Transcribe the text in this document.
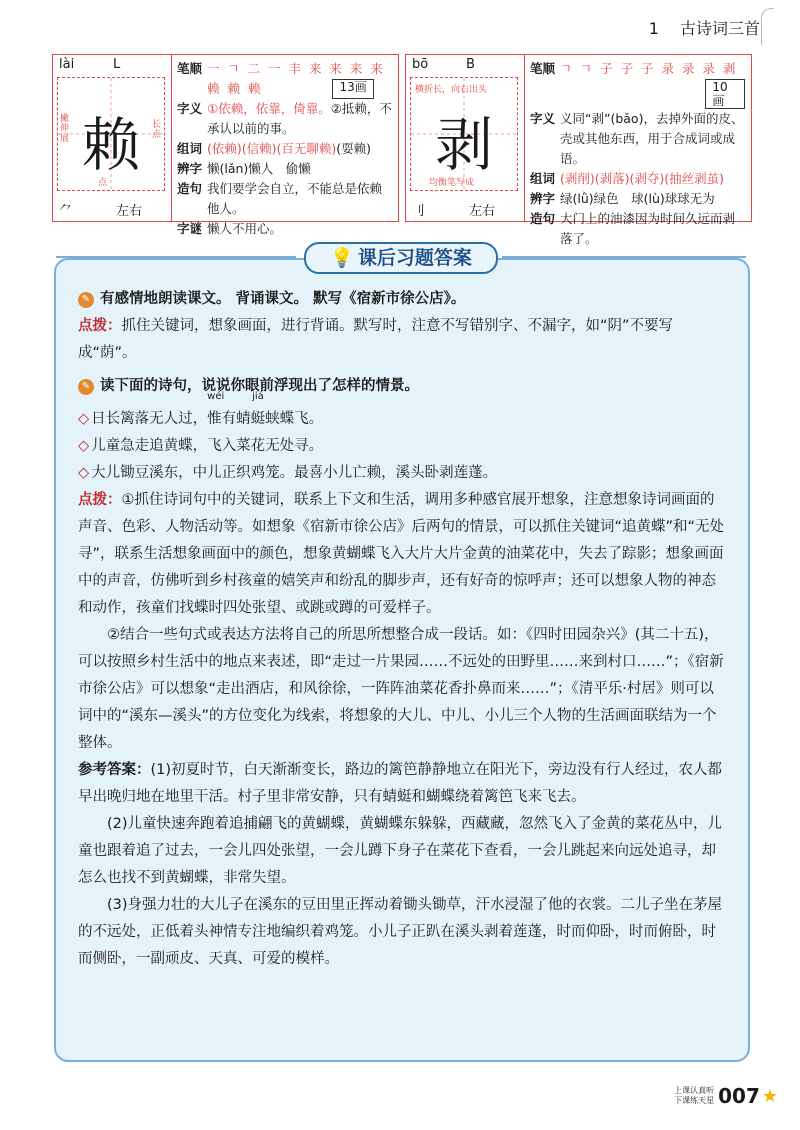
1 古诗词三首
lài	L
赖
撇伸展
长点
点
⺈	左右
笔顺 一 ㄱ 二 一 丰 来 来 来 来
赖 赖 赖	13画
字义 ①依赖，依靠，倚靠。②抵赖，不承认以前的事。
组词 (依赖)(信赖)(百无聊赖)(耍赖)
辨字 懒(lǎn)懒人　偷懒
造句 我们要学会自立，不能总是依赖他人。
字谜 懒人不用心。
bō	B
剥
横折长，向右出头
均衡笔写成
刂	左右
笔顺 ㄱ ㄱ 子 子 子 录 录 录 剥
10画
字义 义同“剥”(bāo)，去掉外面的皮、壳或其他东西，用于合成词或成语。
组词 (剥削)(剥落)(剥夺)(抽丝剥茧)
辨字 绿(lǜ)绿色　球(lù)球球无为
造句 大门上的油漆因为时间久远而剥落了。

✎ 有感情地朗读课文。 背诵课文。 默写《宿新市徐公店》。

点拨：抓住关键词，想象画面，进行背诵。默写时，注意不写错别字、不漏字，如“阴”不要写成“荫”。

✎ 读下面的诗句，说说你眼前浮现出了怎样的情景。

◇ 日长篱落无人过，
wéi
惟有蜻
jiá
蜓蛱蝶飞。

◇ 儿童急走追黄蝶，飞入菜花无处寻。

◇ 大儿锄豆溪东，中儿正织鸡笼。最喜小儿亡赖，溪头卧剥莲蓬。

点拨：①抓住诗词句中的关键词，联系上下文和生活，调用多种感官展开想象，注意想象诗词画面的声音、色彩、人物活动等。如想象《宿新市徐公店》后两句的情景，可以抓住关键词“追黄蝶”和“无处寻”，联系生活想象画面中的颜色，想象黄蝴蝶飞入大片大片金黄的油菜花中，失去了踪影；想象画面中的声音，仿佛听到乡村孩童的嬉笑声和纷乱的脚步声，还有好奇的惊呼声；还可以想象人物的神态和动作，孩童们找蝶时四处张望、或跳或蹲的可爱样子。

②结合一些句式或表达方法将自己的所思所想整合成一段话。如：《四时田园杂兴》(其二十五)，可以按照乡村生活中的地点来表述，即“走过一片果园……不远处的田野里……来到村口……”；《宿新市徐公店》可以想象“走出酒店，和风徐徐，一阵阵油菜花香扑鼻而来……”；《清平乐·村居》则可以词中的“溪东—溪头”的方位变化为线索，将想象的大儿、中儿、小儿三个人物的生活画面联结为一个整体。

参考答案：(1)初夏时节，白天渐渐变长，路边的篱笆静静地立在阳光下，旁边没有行人经过，农人都早出晚归地在地里干活。村子里非常安静，只有蜻蜓和蝴蝶绕着篱笆飞来飞去。

(2)儿童快速奔跑着追捕翩飞的黄蝴蝶，黄蝴蝶东躲躲，西藏藏，忽然飞入了金黄的菜花丛中，儿童也跟着追了过去，一会儿四处张望，一会儿蹲下身子在菜花下查看，一会儿跳起来向远处追寻，却怎么也找不到黄蝴蝶，非常失望。

(3)身强力壮的大儿子在溪东的豆田里正挥动着锄头锄草，汗水浸湿了他的衣裳。二儿子坐在茅屋的不远处，正低着头神情专注地编织着鸡笼。小儿子正趴在溪头剥着莲蓬，时而仰卧，时而俯卧，时而侧卧，一副顽皮、天真、可爱的模样。

💡 课后习题答案
上课认真听
下课练天星 007 ★
